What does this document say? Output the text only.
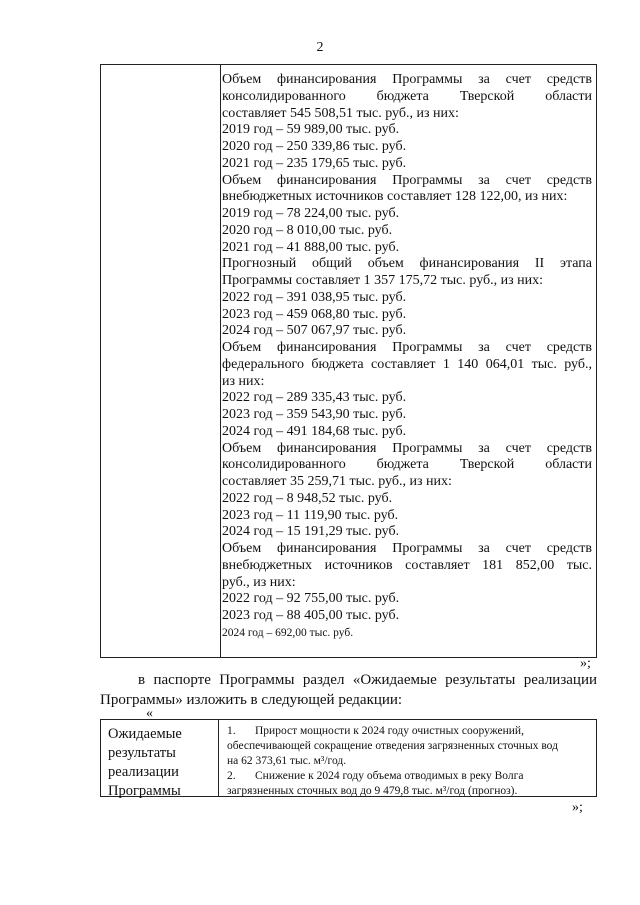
2
Объем финансирования Программы за счет средств
консолидированного бюджета Тверской области
составляет 545 508,51 тыс. руб., из них:
2019 год – 59 989,00 тыс. руб.
2020 год – 250 339,86 тыс. руб.
2021 год – 235 179,65 тыс. руб.
Объем финансирования Программы за счет средств
внебюджетных источников составляет 128 122,00, из них:
2019 год – 78 224,00 тыс. руб.
2020 год – 8 010,00 тыс. руб.
2021 год – 41 888,00 тыс. руб.
Прогнозный общий объем финансирования II этапа
Программы составляет 1 357 175,72 тыс. руб., из них:
2022 год – 391 038,95 тыс. руб.
2023 год – 459 068,80 тыс. руб.
2024 год – 507 067,97 тыс. руб.
Объем финансирования Программы за счет средств
федерального бюджета составляет 1 140 064,01 тыс. руб.,
из них:
2022 год – 289 335,43 тыс. руб.
2023 год – 359 543,90 тыс. руб.
2024 год – 491 184,68 тыс. руб.
Объем финансирования Программы за счет средств
консолидированного бюджета Тверской области
составляет 35 259,71 тыс. руб., из них:
2022 год – 8 948,52 тыс. руб.
2023 год – 11 119,90 тыс. руб.
2024 год – 15 191,29 тыс. руб.
Объем финансирования Программы за счет средств
внебюджетных источников составляет 181 852,00 тыс.
руб., из них:
2022 год – 92 755,00 тыс. руб.
2023 год – 88 405,00 тыс. руб.
2024 год – 692,00 тыс. руб.
»;
в паспорте Программы раздел «Ожидаемые результаты реализации
Программы» изложить в следующей редакции:
«
Ожидаемые
результаты
реализации
Программы
1. Прирост мощности к 2024 году очистных сооружений,
обеспечивающей сокращение отведения загрязненных сточных вод
на 62 373,61 тыс. м³/год.
2. Снижение к 2024 году объема отводимых в реку Волга
загрязненных сточных вод до 9 479,8 тыс. м³/год (прогноз).
»;
